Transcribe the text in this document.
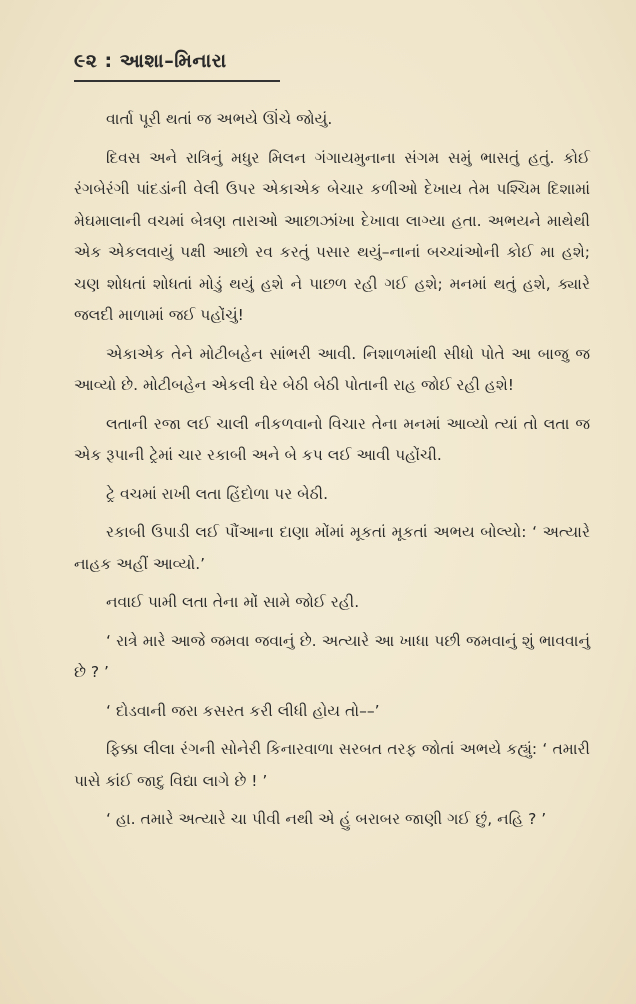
૯૨ : આશા–મિનારા

વાર્તા પૂરી થતાં જ અભયે ઊંચે જોયું.

દિવસ અને રાત્રિનું મધુર મિલન ગંગાયમુનાના સંગમ સમું ભાસતું હતું. કોઈ રંગબેરંગી પાંદડાંની વેલી ઉપર એકાએક બેચાર કળીઓ દેખાય તેમ પશ્ચિમ દિશામાં મેઘમાલાની વચમાં બેત્રણ તારાઓ આછાઝાંખા દેખાવા લાગ્યા હતા. અભયને માથેથી એક એકલવાયું પક્ષી આછો રવ કરતું પસાર થયું–નાનાં બચ્ચાંઓની કોઈ મા હશે; ચણ શોધતાં શોધતાં મોડું થયું હશે ને પાછળ રહી ગઈ હશે; મનમાં થતું હશે, ક્યારે જલદી માળામાં જઈ પહોંચું!

એકાએક તેને મોટીબહેન સાંભરી આવી. નિશાળમાંથી સીધો પોતે આ બાજુ જ આવ્યો છે. મોટીબહેન એકલી ઘેર બેઠી બેઠી પોતાની રાહ જોઈ રહી હશે!

લતાની રજા લઈ ચાલી નીકળવાનો વિચાર તેના મનમાં આવ્યો ત્યાં તો લતા જ એક રૂપાની ટ્રેમાં ચાર રકાબી અને બે કપ લઈ આવી પહોંચી.

ટ્રે વચમાં રાખી લતા હિંદોળા પર બેઠી.

રકાબી ઉપાડી લઈ પૌંઆના દાણા મોંમાં મૂકતાં મૂકતાં અભય બોલ્યો: ‘ અત્યારે નાહક અહીં આવ્યો.’

નવાઈ પામી લતા તેના મોં સામે જોઈ રહી.

‘ રાત્રે મારે આજે જમવા જવાનું છે. અત્યારે આ ખાધા પછી જમવાનું શું ભાવવાનું છે ? ’

‘ દોડવાની જરા કસરત કરી લીધી હોય તો––’

ફિક્કા લીલા રંગની સોનેરી કિનારવાળા સરબત તરફ જોતાં અભયે કહ્યું: ‘ તમારી પાસે કાંઈ જાદુ વિદ્યા લાગે છે ! ’

‘ હા. તમારે અત્યારે ચા પીવી નથી એ હું બરાબર જાણી ગઈ છું, નહિ ? ’
